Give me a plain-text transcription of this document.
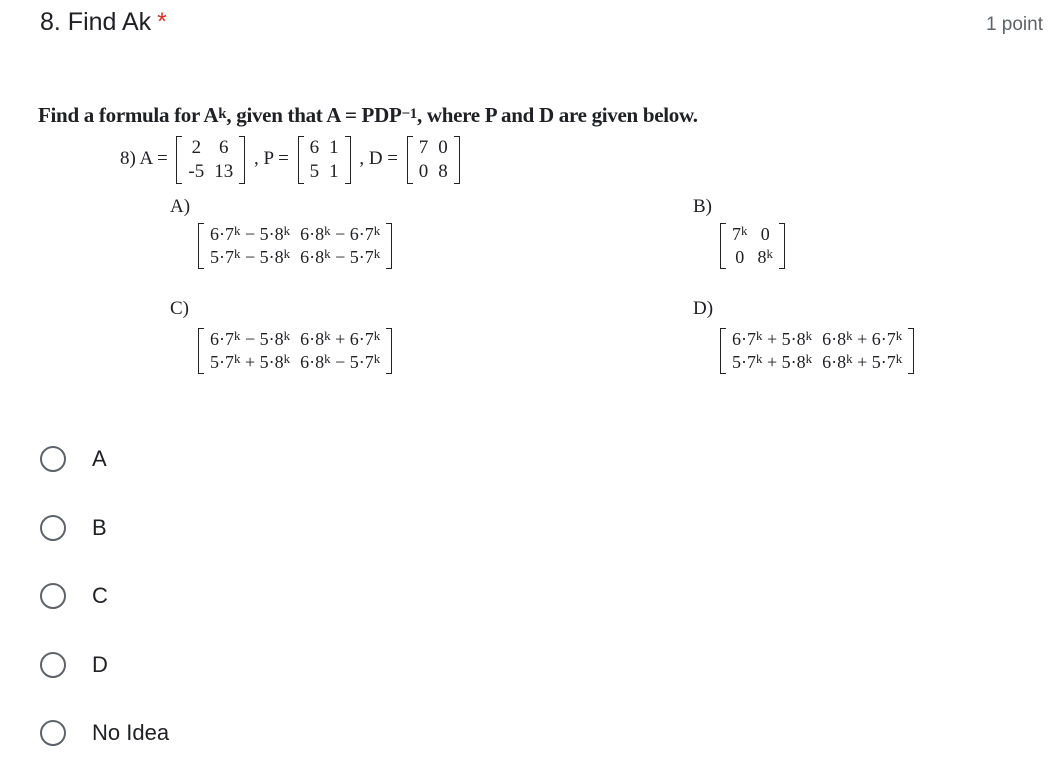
8. Find Ak *	1 point
Find a formula for $A^k$, given that $A = PDP^{-1}$, where P and D are given below.
8) A =
2	6
-5	13
, P =
6	1
5	1
, D =
7	0
0	8
A)
$6\cdot 7^k - 5\cdot 8^k$	$6\cdot 8^k - 6\cdot 7^k$
$5\cdot 7^k - 5\cdot 8^k$	$6\cdot 8^k - 5\cdot 7^k$
B)
7$^k$	0
0	8$^k$
C)
$6\cdot 7^k - 5\cdot 8^k$	$6\cdot 8^k + 6\cdot 7^k$
$5\cdot 7^k + 5\cdot 8^k$	$6\cdot 8^k - 5\cdot 7^k$
D)
$6\cdot 7^k + 5\cdot 8^k$	$6\cdot 8^k + 6\cdot 7^k$
$5\cdot 7^k + 5\cdot 8^k$	$6\cdot 8^k + 5\cdot 7^k$
A
B
C
D
No Idea
